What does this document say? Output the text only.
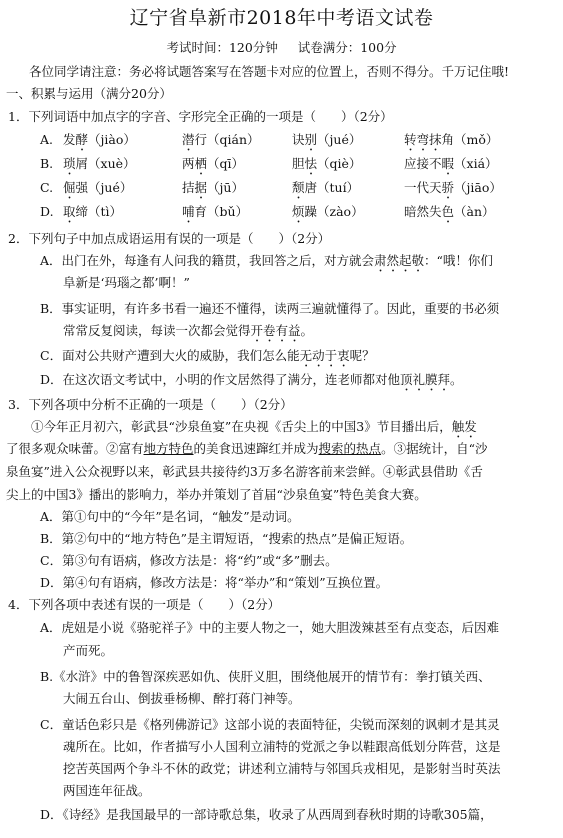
辽宁省阜新市2018年中考语文试卷
考试时间：120分钟 试卷满分：100分
各位同学请注意：务必将试题答案写在答题卡对应的位置上，否则不得分。千万记住哦!
一、积累与运用（满分20分）
1．下列词语中加点字的字音、字形完全正确的一项是（　　）（2分）
A. 发酵（jiào）	潜行（qián）	诀别（jué）	转弯抹角（mǒ）
B. 琐屑（xuè）	两栖（qī）	胆怯（qiè）	应接不暇（xiá）
C. 倔强（jué）	拮据（jū）	颓唐（tuí）	一代天骄（jiāo）
D. 取缔（tì）	哺育（bǔ）	烦躁（zào）	暗然失色（àn）
2．下列句子中加点成语运用有误的一项是（　　）（2分）
A．出门在外，每逢有人问我的籍贯，我回答之后，对方就会肃然起敬：“哦！你们
阜新是‘玛瑙之都’啊！”
B．事实证明，有许多书看一遍还不懂得，读两三遍就懂得了。因此，重要的书必须
常常反复阅读，每读一次都会觉得开卷有益。
C．面对公共财产遭到大火的威胁，我们怎么能无动于衷呢？
D．在这次语文考试中，小明的作文居然得了满分，连老师都对他顶礼膜拜。
3．下列各项中分析不正确的一项是（　　）（2分）
①今年正月初六，彰武县“沙泉鱼宴”在央视《舌尖上的中国3》节目播出后，触发
了很多观众味蕾。②富有地方特色的美食迅速蹿红并成为搜索的热点。③据统计，自“沙
泉鱼宴”进入公众视野以来，彰武县共接待约3万多名游客前来尝鲜。④彰武县借助《舌
尖上的中国3》播出的影响力，举办并策划了首届“沙泉鱼宴”特色美食大赛。
A．第①句中的“今年”是名词，“触发”是动词。
B．第②句中的“地方特色”是主谓短语，“搜索的热点”是偏正短语。
C．第③句有语病，修改方法是：将“约”或“多”删去。
D．第④句有语病，修改方法是：将“举办”和“策划”互换位置。
4．下列各项中表述有误的一项是（　　）（2分）
A．虎妞是小说《骆驼祥子》中的主要人物之一，她大胆泼辣甚至有点变态，后因难
产而死。
B.《水浒》中的鲁智深疾恶如仇、侠肝义胆，围绕他展开的情节有：拳打镇关西、
大闹五台山、倒拔垂杨柳、醉打蒋门神等。
C．童话色彩只是《格列佛游记》这部小说的表面特征，尖锐而深刻的讽刺才是其灵
魂所在。比如，作者描写小人国利立浦特的党派之争以鞋跟高低划分阵营，这是
挖苦英国两个争斗不休的政党；讲述利立浦特与邻国兵戎相见，是影射当时英法
两国连年征战。
D．《诗经》是我国最早的一部诗歌总集，收录了从西周到春秋时期的诗歌305篇，
